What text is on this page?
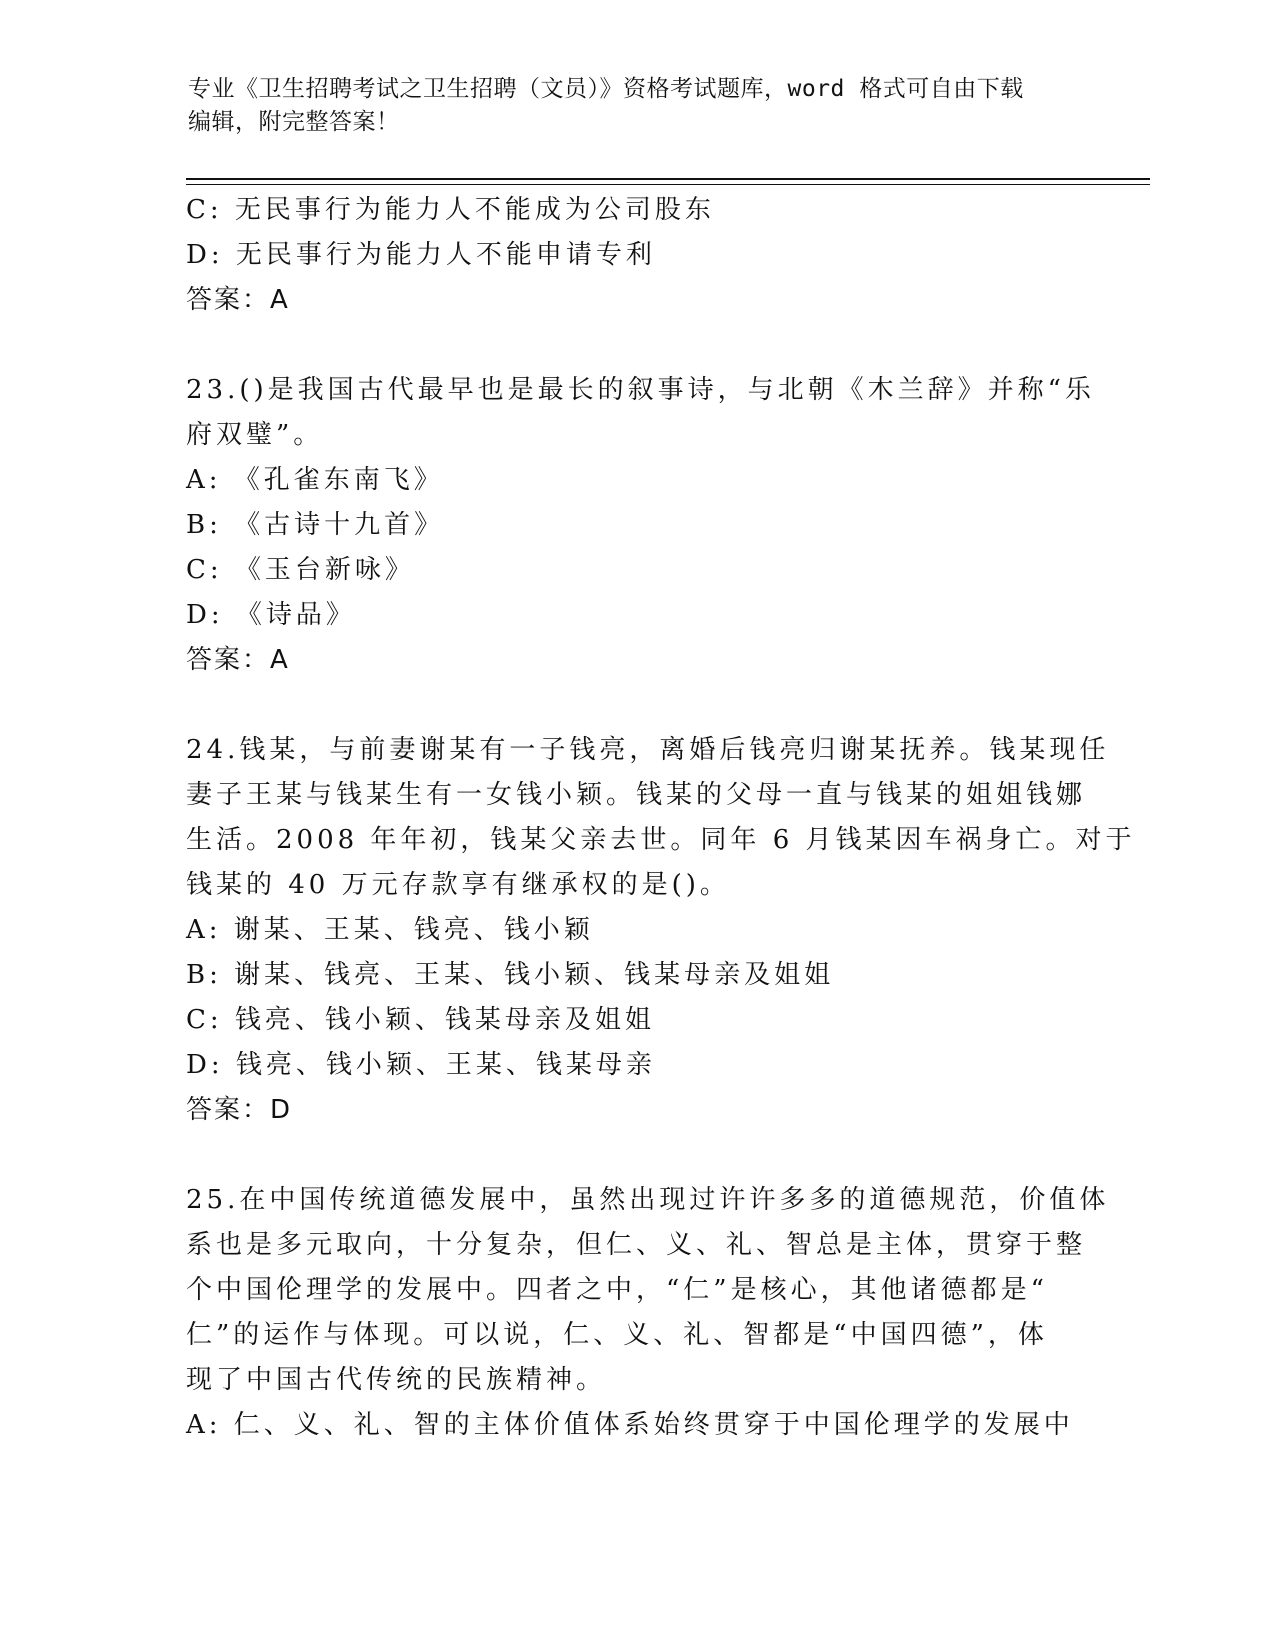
专业《卫生招聘考试之卫生招聘（文员）》资格考试题库，word 格式可自由下载
编辑，附完整答案！
C: 无民事行为能力人不能成为公司股东
D: 无民事行为能力人不能申请专利
答案：A
23.()是我国古代最早也是最长的叙事诗，与北朝《木兰辞》并称“乐
府双璧”。
A: 《孔雀东南飞》
B: 《古诗十九首》
C: 《玉台新咏》
D: 《诗品》
答案：A
24.钱某，与前妻谢某有一子钱亮，离婚后钱亮归谢某抚养。钱某现任
妻子王某与钱某生有一女钱小颖。钱某的父母一直与钱某的姐姐钱娜
生活。2008 年年初，钱某父亲去世。同年 6 月钱某因车祸身亡。对于
钱某的 40 万元存款享有继承权的是()。
A: 谢某、王某、钱亮、钱小颖
B: 谢某、钱亮、王某、钱小颖、钱某母亲及姐姐
C: 钱亮、钱小颖、钱某母亲及姐姐
D: 钱亮、钱小颖、王某、钱某母亲
答案：D
25.在中国传统道德发展中，虽然出现过许许多多的道德规范，价值体
系也是多元取向，十分复杂，但仁、义、礼、智总是主体，贯穿于整
个中国伦理学的发展中。四者之中，“仁”是核心，其他诸德都是“
仁”的运作与体现。可以说，仁、义、礼、智都是“中国四德”，体
现了中国古代传统的民族精神。
A: 仁、义、礼、智的主体价值体系始终贯穿于中国伦理学的发展中
